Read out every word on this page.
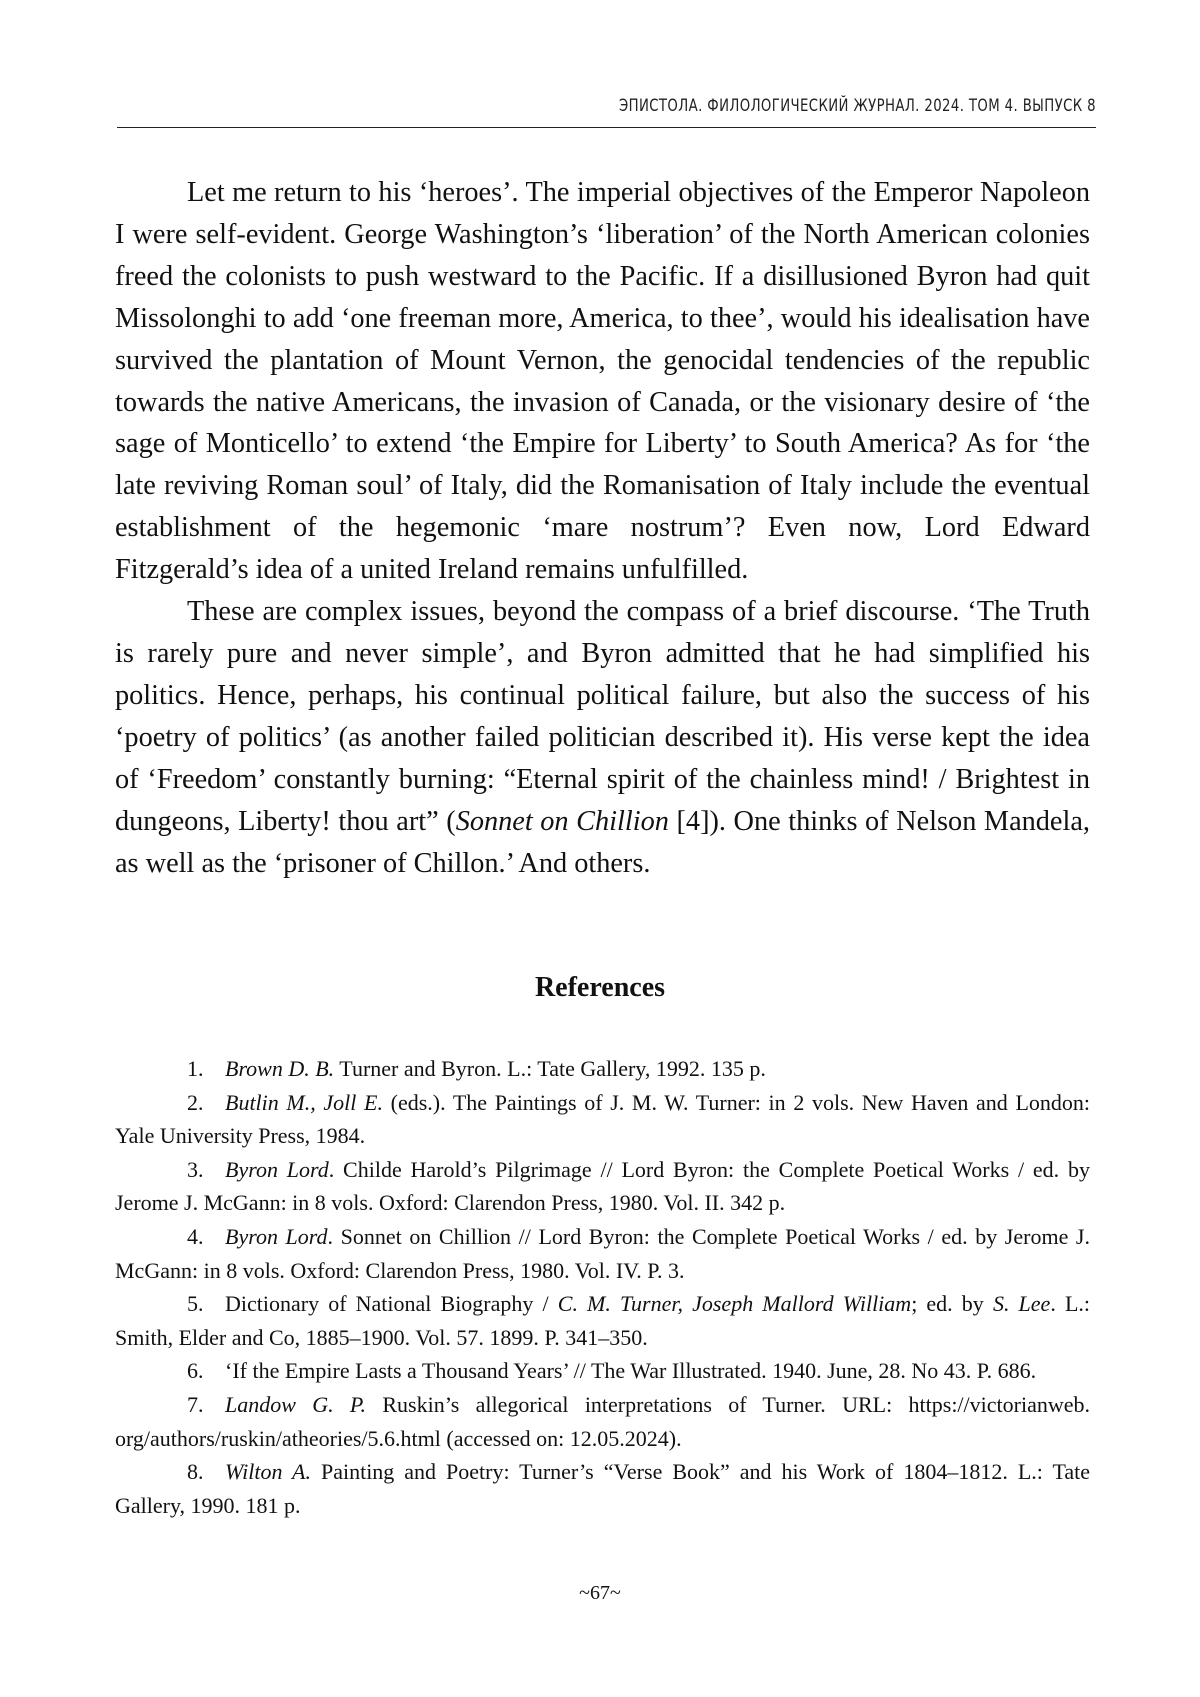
ЭПИСТОЛА. ФИЛОЛОГИЧЕСКИЙ ЖУРНАЛ. 2024. ТОМ 4. ВЫПУСК 8

Let me return to his ‘heroes’. The imperial objectives of the Emperor Napoleon I were self-evident. George Washington’s ‘liberation’ of the North American colonies freed the colonists to push westward to the Pacific. If a disillusioned Byron had quit Missolonghi to add ‘one freeman more, America, to thee’, would his idealisation have survived the plantation of Mount Vernon, the genocidal tendencies of the republic towards the native Americans, the invasion of Canada, or the visionary desire of ‘the sage of Monticello’ to extend ‘the Empire for Liberty’ to South America? As for ‘the late reviving Roman soul’ of Italy, did the Romanisation of Italy include the eventual establishment of the hegemonic ‘mare nostrum’? Even now, Lord Edward Fitzgerald’s idea of a united Ireland remains unfulfilled.

These are complex issues, beyond the compass of a brief discourse. ‘The Truth is rarely pure and never simple’, and Byron admitted that he had simplified his politics. Hence, perhaps, his continual political failure, but also the success of his ‘poetry of politics’ (as another failed politician described it). His verse kept the idea of ‘Freedom’ constantly burning: “Eternal spirit of the chainless mind! / Brightest in dungeons, Liberty! thou art” (Sonnet on Chillion [4]). One thinks of Nelson Mandela, as well as the ‘prisoner of Chillon.’ And others.

References

1. Brown D. B. Turner and Byron. L.: Tate Gallery, 1992. 135 p.

2. Butlin M., Joll E. (eds.). The Paintings of J. M. W. Turner: in 2 vols. New Haven and London: Yale University Press, 1984.

3. Byron Lord. Childe Harold’s Pilgrimage // Lord Byron: the Complete Poetical Works / ed. by Jerome J. McGann: in 8 vols. Oxford: Clarendon Press, 1980. Vol. II. 342 p.

4. Byron Lord. Sonnet on Chillion // Lord Byron: the Complete Poetical Works / ed. by Jerome J. McGann: in 8 vols. Oxford: Clarendon Press, 1980. Vol. IV. P. 3.

5. Dictionary of National Biography / C. M. Turner, Joseph Mallord William; ed. by S. Lee. L.: Smith, Elder and Co, 1885–1900. Vol. 57. 1899. P. 341–350.

6. ‘If the Empire Lasts a Thousand Years’ // The War Illustrated. 1940. June, 28. No 43. P. 686.

7. Landow G. P. Ruskin’s allegorical interpretations of Turner. URL: https://victorianweb.​org/authors/ruskin/atheories/5.6.html (accessed on: 12.05.2024).

8. Wilton A. Painting and Poetry: Turner’s “Verse Book” and his Work of 1804–1812. L.: Tate Gallery, 1990. 181 p.

~67~
